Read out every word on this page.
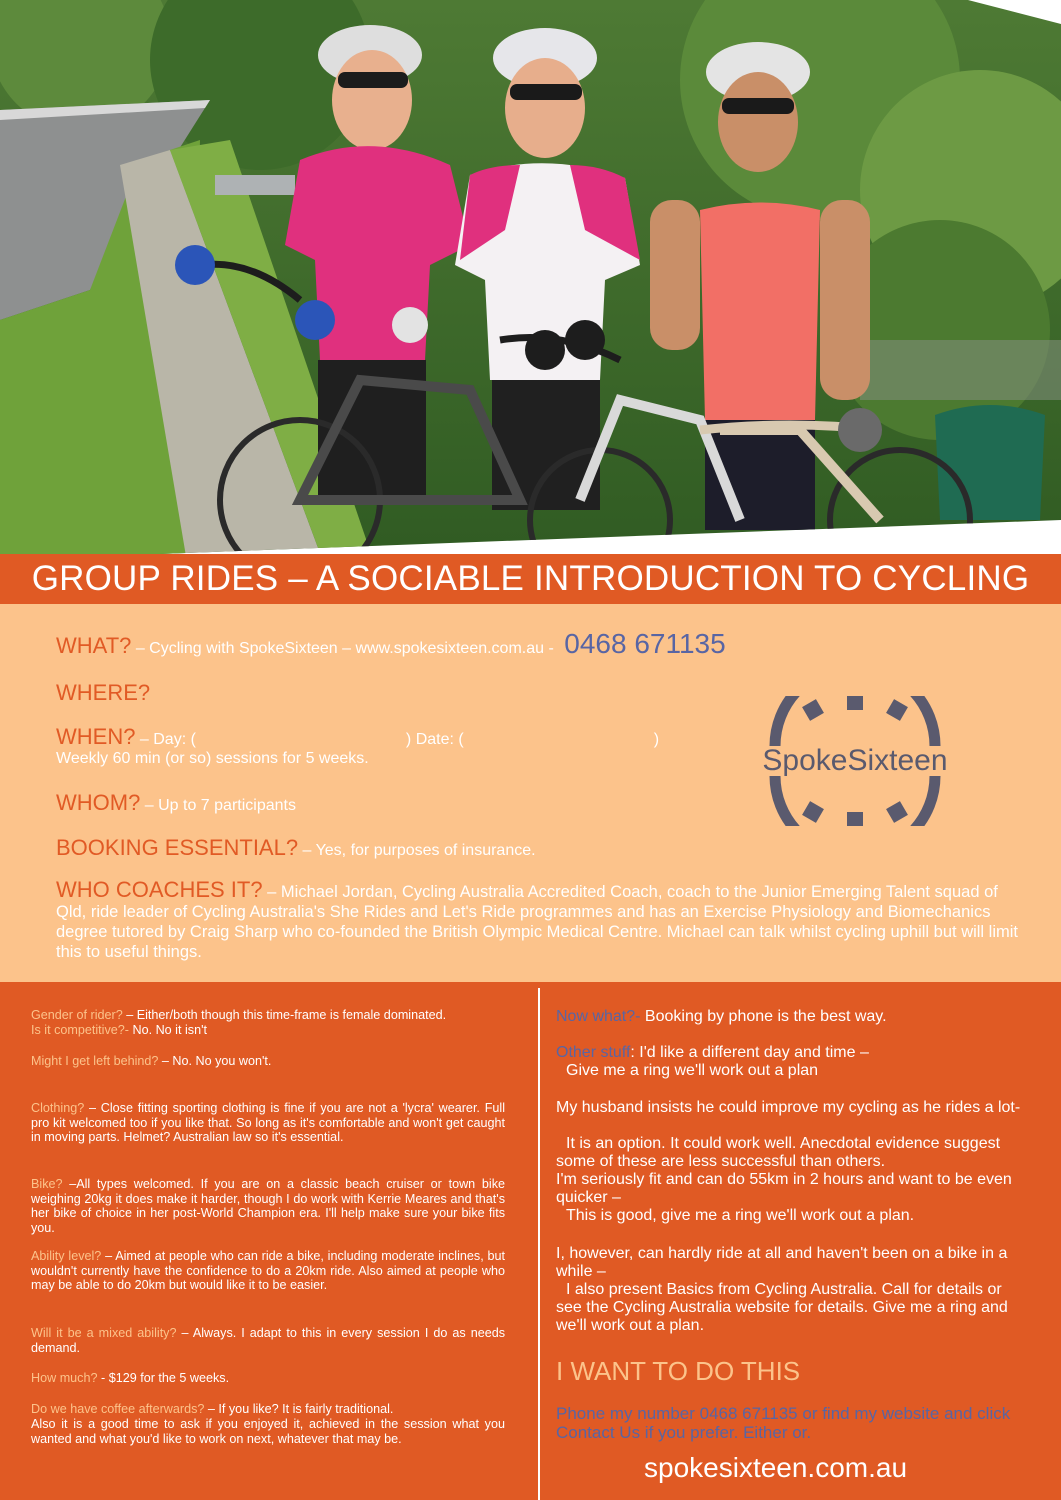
GROUP RIDES – A SOCIABLE INTRODUCTION TO CYCLING
WHAT? – Cycling with SpokeSixteen – www.spokesixteen.com.au - 0468 671135
WHERE?
WHEN? – Day: (	) Date: (	)
Weekly 60 min (or so) sessions for 5 weeks.
WHOM? – Up to 7 participants
BOOKING ESSENTIAL? – Yes, for purposes of insurance.
WHO COACHES IT? – Michael Jordan, Cycling Australia Accredited Coach, coach to the Junior Emerging Talent squad of Qld, ride leader of Cycling Australia's She Rides and Let's Ride programmes and has an Exercise Physiology and Biomechanics degree tutored by Craig Sharp who co-founded the British Olympic Medical Centre. Michael can talk whilst cycling uphill but will limit this to useful things.
SpokeSixteen
Gender of rider? – Either/both though this time-frame is female dominated.
Is it competitive?- No. No it isn't
Might I get left behind? – No. No you won't.
Clothing? – Close fitting sporting clothing is fine if you are not a 'lycra' wearer. Full pro kit welcomed too if you like that. So long as it's comfortable and won't get caught in moving parts. Helmet? Australian law so it's essential.
Bike? –All types welcomed. If you are on a classic beach cruiser or town bike weighing 20kg it does make it harder, though I do work with Kerrie Meares and that's her bike of choice in her post-World Champion era. I'll help make sure your bike fits you.
Ability level? – Aimed at people who can ride a bike, including moderate inclines, but wouldn't currently have the confidence to do a 20km ride. Also aimed at people who may be able to do 20km but would like it to be easier.
Will it be a mixed ability? – Always. I adapt to this in every session I do as needs demand.
How much? - $129 for the 5 weeks.
Do we have coffee afterwards? – If you like? It is fairly traditional.
Also it is a good time to ask if you enjoyed it, achieved in the session what you wanted and what you'd like to work on next, whatever that may be.
Now what?- Booking by phone is the best way.
Other stuff: I'd like a different day and time –
Give me a ring we'll work out a plan
My husband insists he could improve my cycling as he rides a lot-
It is an option. It could work well. Anecdotal evidence suggest some of these are less successful than others.
I'm seriously fit and can do 55km in 2 hours and want to be even quicker –
This is good, give me a ring we'll work out a plan.
I, however, can hardly ride at all and haven't been on a bike in a while –
I also present Basics from Cycling Australia. Call for details or see the Cycling Australia website for details. Give me a ring and we'll work out a plan.
I WANT TO DO THIS
Phone my number 0468 671135 or find my website and click Contact Us if you prefer. Either or.
spokesixteen.com.au
